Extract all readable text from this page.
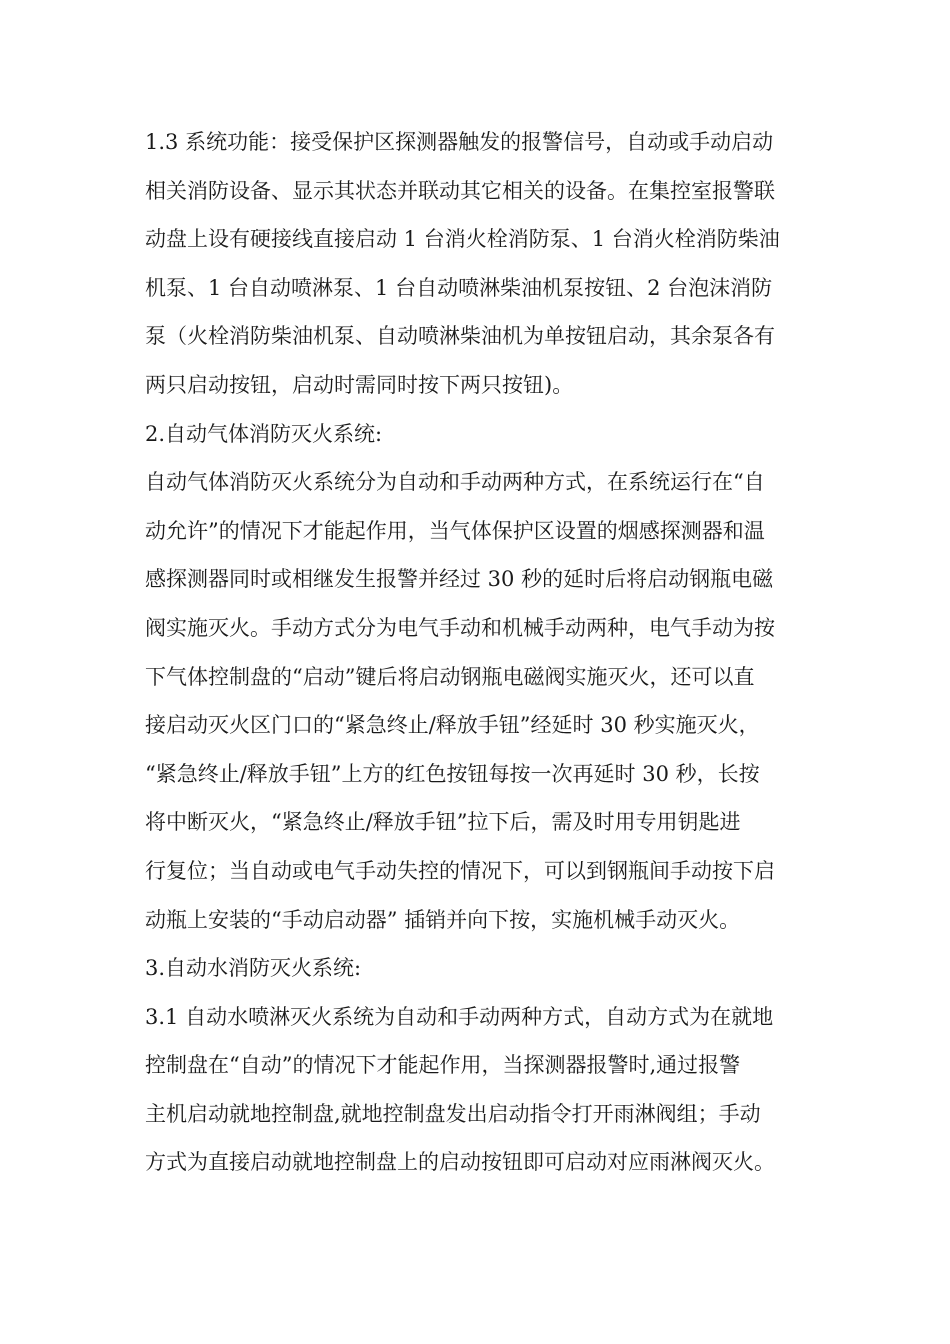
1.3 系统功能：接受保护区探测器触发的报警信号，自动或手动启动
相关消防设备、显示其状态并联动其它相关的设备。在集控室报警联
动盘上设有硬接线直接启动 1 台消火栓消防泵、1 台消火栓消防柴油
机泵、1 台自动喷淋泵、1 台自动喷淋柴油机泵按钮、2 台泡沫消防
泵（火栓消防柴油机泵、自动喷淋柴油机为单按钮启动，其余泵各有
两只启动按钮，启动时需同时按下两只按钮)。
2.自动气体消防灭火系统:
自动气体消防灭火系统分为自动和手动两种方式，在系统运行在“自
动允许”的情况下才能起作用，当气体保护区设置的烟感探测器和温
感探测器同时或相继发生报警并经过 30 秒的延时后将启动钢瓶电磁
阀实施灭火。手动方式分为电气手动和机械手动两种，电气手动为按
下气体控制盘的“启动”键后将启动钢瓶电磁阀实施灭火，还可以直
接启动灭火区门口的“紧急终止/释放手钮”经延时 30 秒实施灭火，
“紧急终止/释放手钮”上方的红色按钮每按一次再延时 30 秒，长按
将中断灭火，“紧急终止/释放手钮”拉下后，需及时用专用钥匙进
行复位；当自动或电气手动失控的情况下，可以到钢瓶间手动按下启
动瓶上安装的“手动启动器” 插销并向下按，实施机械手动灭火。
3.自动水消防灭火系统:
3.1 自动水喷淋灭火系统为自动和手动两种方式，自动方式为在就地
控制盘在“自动”的情况下才能起作用，当探测器报警时,通过报警
主机启动就地控制盘,就地控制盘发出启动指令打开雨淋阀组；手动
方式为直接启动就地控制盘上的启动按钮即可启动对应雨淋阀灭火。
